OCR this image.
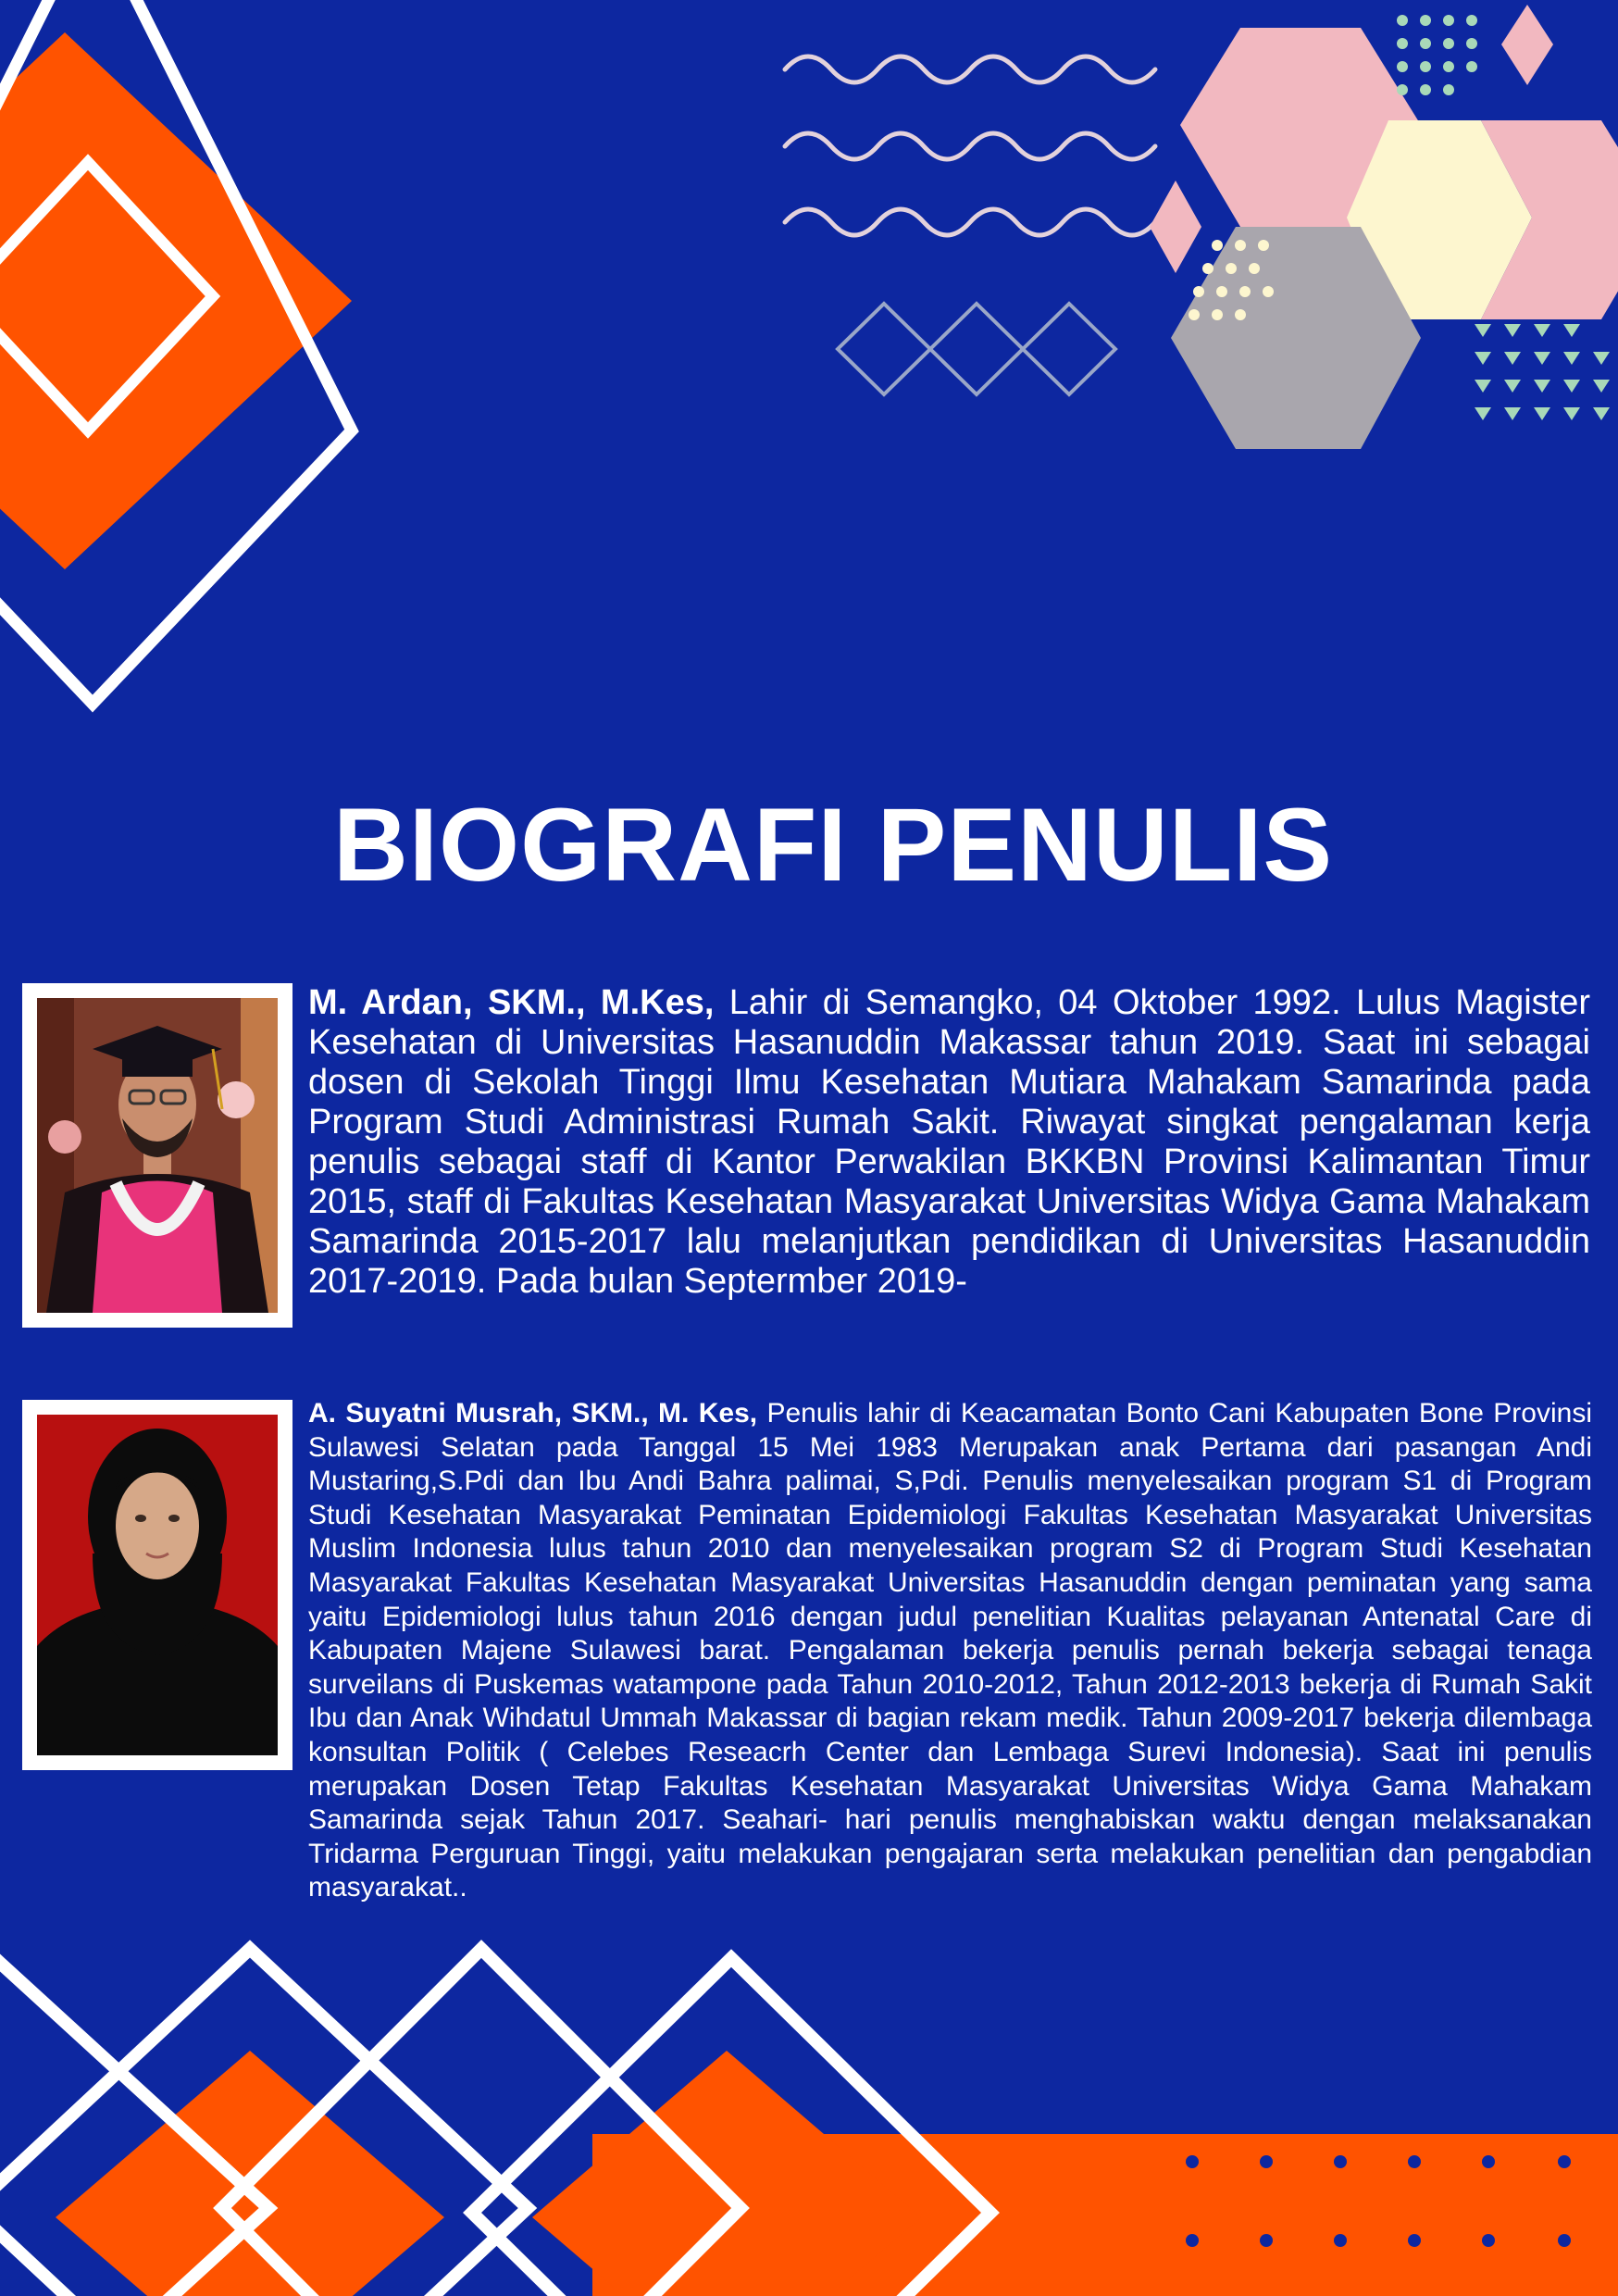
BIOGRAFI PENULIS
M. Ardan, SKM., M.Kes, Lahir di Semangko, 04 Oktober 1992. Lulus Magister Kesehatan di Universitas Hasanuddin Makassar tahun 2019. Saat ini sebagai dosen di Sekolah Tinggi Ilmu Kesehatan Mutiara Mahakam Samarinda pada Program Studi Administrasi Rumah Sakit. Riwayat singkat pengalaman kerja penulis sebagai staff di Kantor Perwakilan BKKBN Provinsi Kalimantan Timur 2015, staff di Fakultas Kesehatan Masyarakat Universitas Widya Gama Mahakam Samarinda 2015-2017 lalu melanjutkan pendidikan di Universitas Hasanuddin 2017-2019. Pada bulan Septermber 2019-
A. Suyatni Musrah, SKM., M. Kes, Penulis lahir di Keacamatan Bonto Cani Kabupaten Bone Provinsi Sulawesi Selatan pada Tanggal 15 Mei 1983 Merupakan anak Pertama dari pasangan Andi Mustaring,S.Pdi dan Ibu Andi Bahra palimai, S,Pdi. Penulis menyelesaikan program S1 di Program Studi Kesehatan Masyarakat Peminatan Epidemiologi Fakultas Kesehatan Masyarakat Universitas Muslim Indonesia lulus tahun 2010 dan menyelesaikan program S2 di Program Studi Kesehatan Masyarakat Fakultas Kesehatan Masyarakat Universitas Hasanuddin dengan peminatan yang sama yaitu Epidemiologi lulus tahun 2016 dengan judul penelitian Kualitas pelayanan Antenatal Care di Kabupaten Majene Sulawesi barat. Pengalaman bekerja penulis pernah bekerja sebagai tenaga surveilans di Puskemas watampone pada Tahun 2010-2012, Tahun 2012-2013 bekerja di Rumah Sakit Ibu dan Anak Wihdatul Ummah Makassar di bagian rekam medik. Tahun 2009-2017 bekerja dilembaga konsultan Politik ( Celebes Reseacrh Center dan Lembaga Surevi Indonesia). Saat ini penulis merupakan Dosen Tetap Fakultas Kesehatan Masyarakat Universitas Widya Gama Mahakam Samarinda sejak Tahun 2017. Seahari- hari penulis menghabiskan waktu dengan melaksanakan Tridarma Perguruan Tinggi, yaitu melakukan pengajaran serta melakukan penelitian dan pengabdian masyarakat..
